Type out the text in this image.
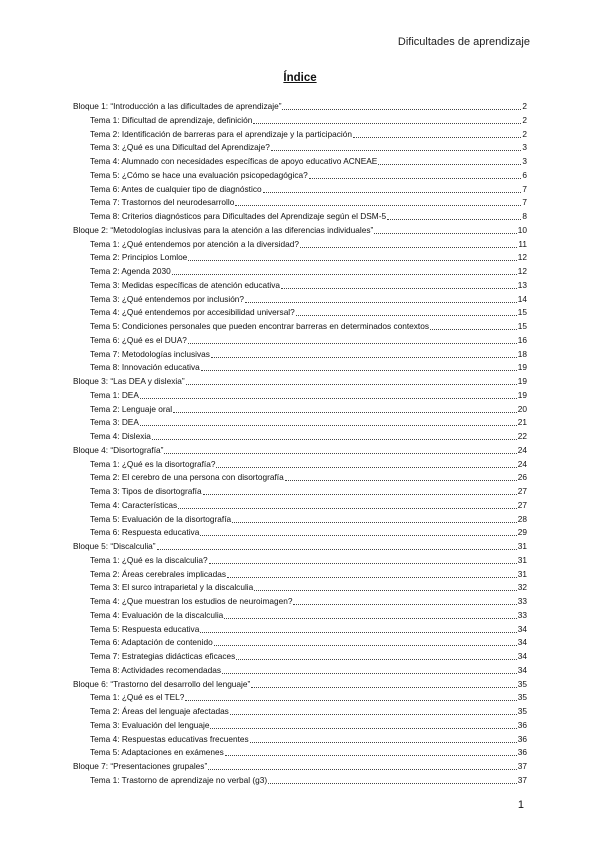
Dificultades de aprendizaje
Índice
Bloque 1: “Introducción a las dificultades de aprendizaje”	2
Tema 1: Dificultad de aprendizaje, definición	2
Tema 2: Identificación de barreras para el aprendizaje y la participación	2
Tema 3: ¿Qué es una Dificultad del Aprendizaje?	3
Tema 4: Alumnado con necesidades específicas de apoyo educativo ACNEAE	3
Tema 5: ¿Cómo se hace una evaluación psicopedagógica?	6
Tema 6: Antes de cualquier tipo de diagnóstico	7
Tema 7: Trastornos del neurodesarrollo	7
Tema 8: Criterios diagnósticos para Dificultades del Aprendizaje según el DSM-5	8
Bloque 2: “Metodologías inclusivas para la atención a las diferencias individuales”	10
Tema 1: ¿Qué entendemos por atención a la diversidad?	11
Tema 2: Principios Lomloe	12
Tema 2: Agenda 2030	12
Tema 3: Medidas específicas de atención educativa	13
Tema 3: ¿Qué entendemos por inclusión?	14
Tema 4: ¿Qué entendemos por accesibilidad universal?	15
Tema 5: Condiciones personales que pueden encontrar barreras en determinados contextos	15
Tema 6: ¿Qué es el DUA?	16
Tema 7: Metodologías inclusivas	18
Tema 8: Innovación educativa	19
Bloque 3: “Las DEA y dislexia”	19
Tema 1: DEA	19
Tema 2: Lenguaje oral	20
Tema 3: DEA	21
Tema 4: Dislexia	22
Bloque 4: “Disortografía”	24
Tema 1: ¿Qué es la disortografía?	24
Tema 2: El cerebro de una persona con disortografía	26
Tema 3: Tipos de disortografía	27
Tema 4: Características	27
Tema 5: Evaluación de la disortografía	28
Tema 6: Respuesta educativa	29
Bloque 5: “Discalculia”	31
Tema 1: ¿Qué es la discalculia?	31
Tema 2: Áreas cerebrales implicadas	31
Tema 3: El surco intraparietal y la discalculia	32
Tema 4: ¿Que muestran los estudios de neuroimagen?	33
Tema 4: Evaluación de la discalculia	33
Tema 5: Respuesta educativa	34
Tema 6: Adaptación de contenido	34
Tema 7: Estrategias didácticas eficaces	34
Tema 8: Actividades recomendadas	34
Bloque 6: “Trastorno del desarrollo del lenguaje”	35
Tema 1: ¿Qué es el TEL?	35
Tema 2: Áreas del lenguaje afectadas	35
Tema 3: Evaluación del lenguaje	36
Tema 4: Respuestas educativas frecuentes	36
Tema 5: Adaptaciones en exámenes	36
Bloque 7: “Presentaciones grupales”	37
Tema 1: Trastorno de aprendizaje no verbal (g3)	37
1
